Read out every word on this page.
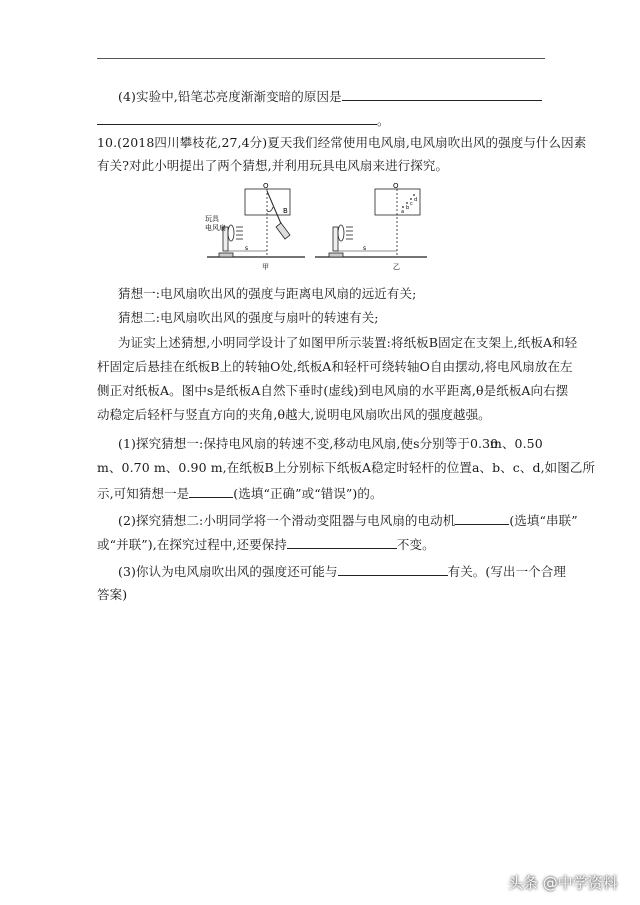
(4)实验中,铅笔芯亮度渐渐变暗的原因是
。
10.(2018四川攀枝花,27,4分)夏天我们经常使用电风扇,电风扇吹出风的强度与什么因素
有关?对此小明提出了两个猜想,并利用玩具电风扇来进行探究。
O
B
s
玩具
电风扇
甲
a
b
c
d
O
s
乙
猜想一:电风扇吹出风的强度与距离电风扇的远近有关;
猜想二:电风扇吹出风的强度与扇叶的转速有关;
为证实上述猜想,小明同学设计了如图甲所示装置:将纸板B固定在支架上,纸板A和轻
杆固定后悬挂在纸板B上的转轴O处,纸板A和轻杆可绕转轴O自由摆动,将电风扇放在左
侧正对纸板A。图中s是纸板A自然下垂时(虚线)到电风扇的水平距离,θ是纸板A向右摆
动稳定后轻杆与竖直方向的夹角,θ越大,说明电风扇吹出风的强度越强。
(1)探究猜想一:保持电风扇的转速不变,移动电风扇,使s分别等于0.30
m、0.50
m、0.70 m、0.90 m,在纸板B上分别标下纸板A稳定时轻杆的位置a、b、c、d,如图乙所
示,可知猜想一是	(选填“正确”或“错误”)的。
(2)探究猜想二:小明同学将一个滑动变阻器与电风扇的电动机	(选填“串联”
或“并联”),在探究过程中,还要保持	不变。
(3)你认为电风扇吹出风的强度还可能与	有关。(写出一个合理
答案)
头条 @中学资料
